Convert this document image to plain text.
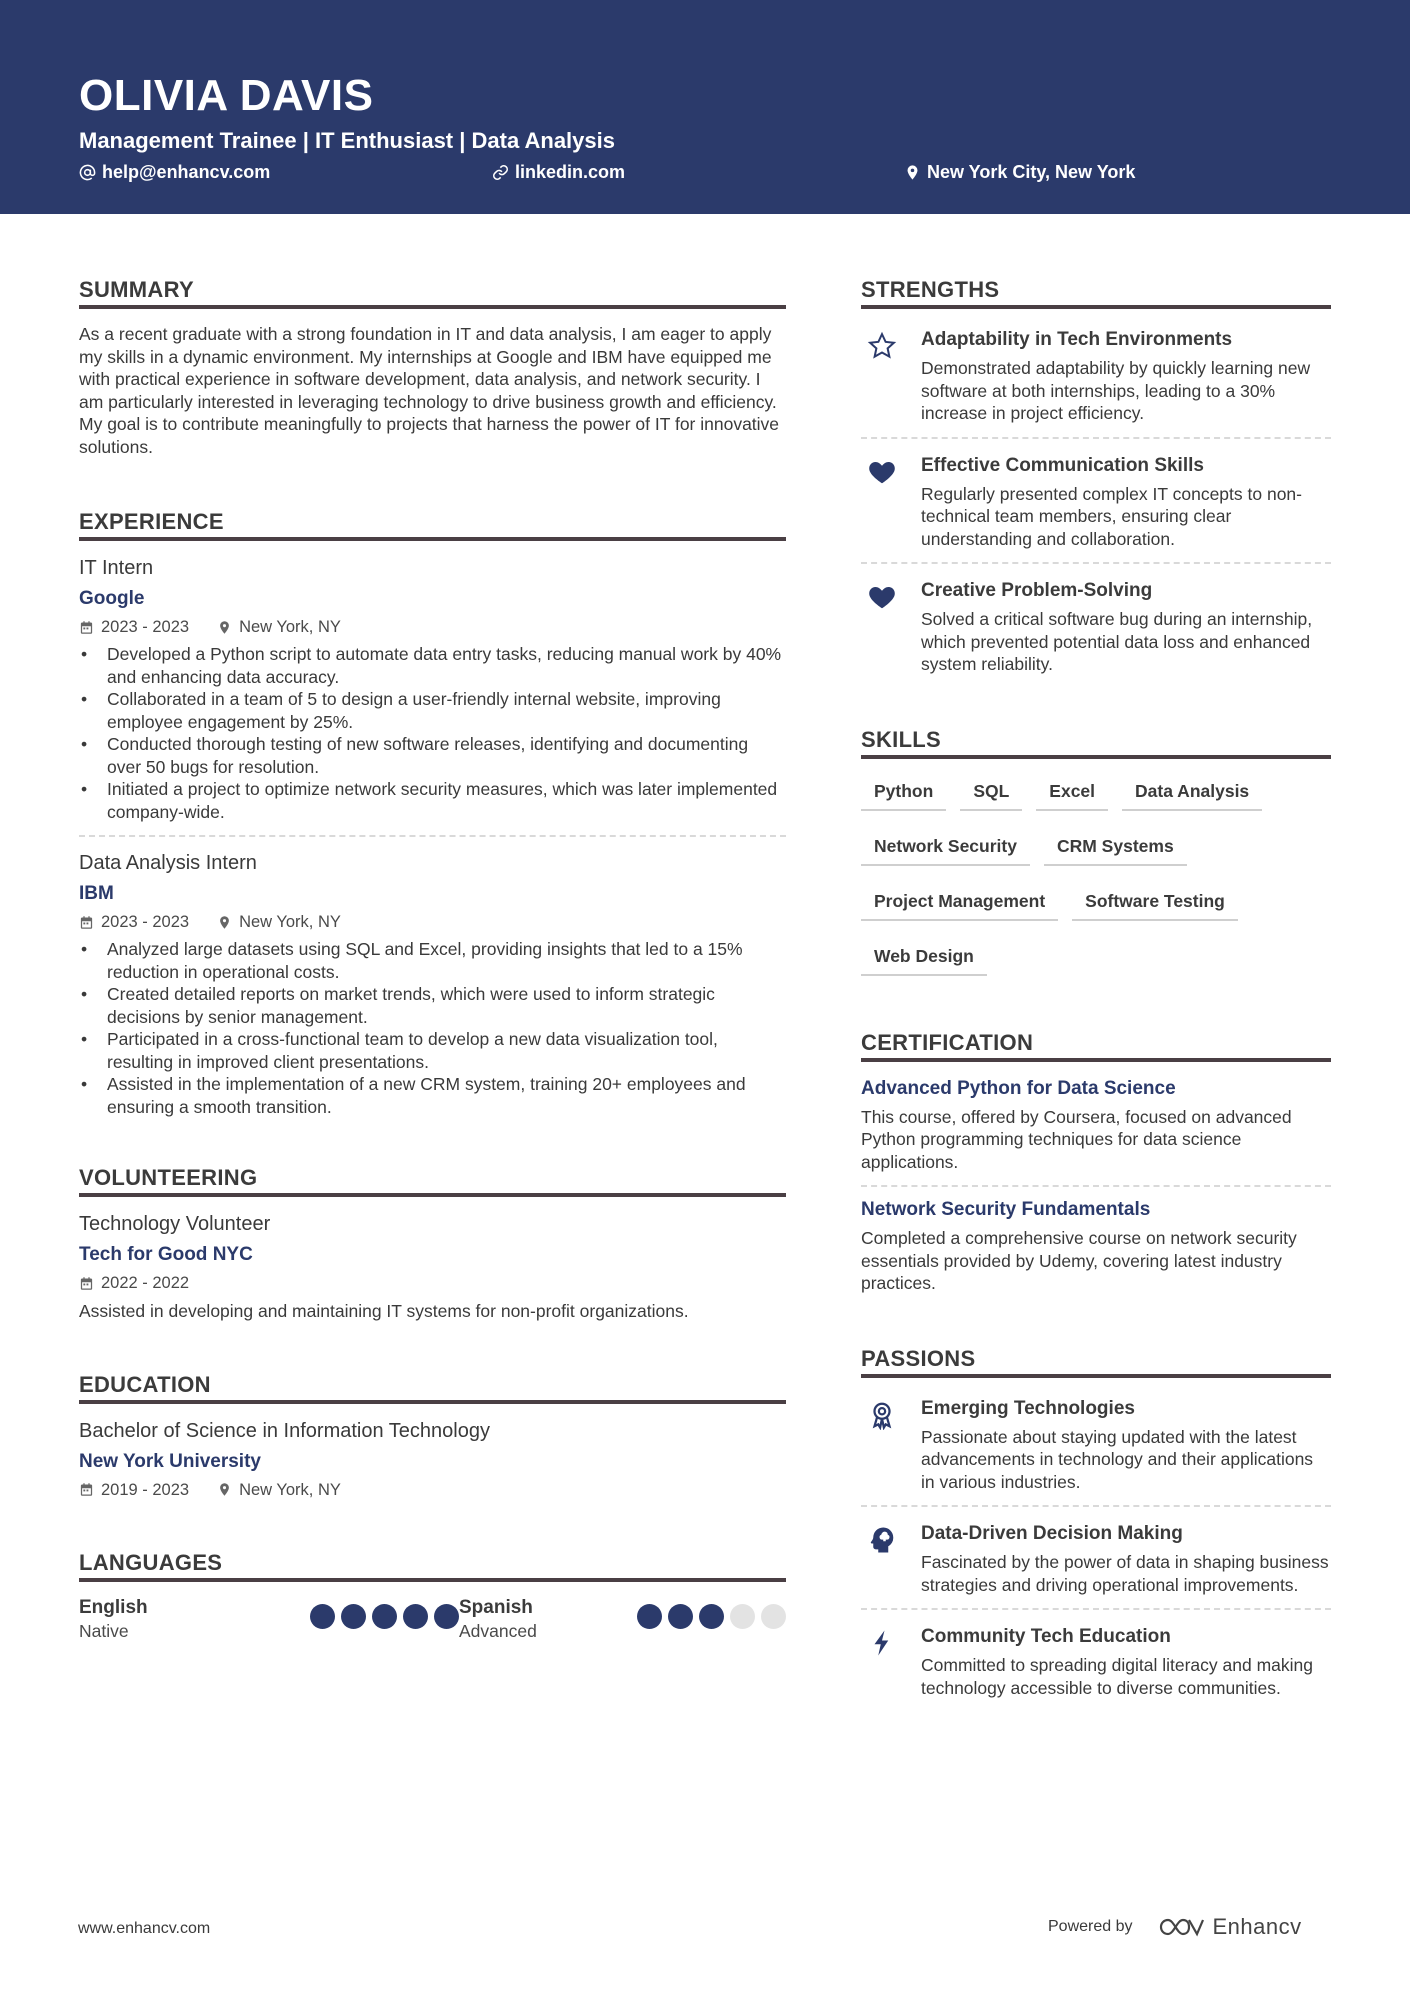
OLIVIA DAVIS
Management Trainee | IT Enthusiast | Data Analysis
help@enhancv.com	linkedin.com	New York City, New York
SUMMARY
As a recent graduate with a strong foundation in IT and data analysis, I am eager to apply my skills in a dynamic environment. My internships at Google and IBM have equipped me with practical experience in software development, data analysis, and network security. I am particularly interested in leveraging technology to drive business growth and efficiency. My goal is to contribute meaningfully to projects that harness the power of IT for innovative solutions.
EXPERIENCE
IT Intern
Google
2023 - 2023	New York, NY
• Developed a Python script to automate data entry tasks, reducing manual work by 40% and enhancing data accuracy.
• Collaborated in a team of 5 to design a user-friendly internal website, improving employee engagement by 25%.
• Conducted thorough testing of new software releases, identifying and documenting over 50 bugs for resolution.
• Initiated a project to optimize network security measures, which was later implemented company-wide.
Data Analysis Intern
IBM
2023 - 2023	New York, NY
• Analyzed large datasets using SQL and Excel, providing insights that led to a 15% reduction in operational costs.
• Created detailed reports on market trends, which were used to inform strategic decisions by senior management.
• Participated in a cross-functional team to develop a new data visualization tool, resulting in improved client presentations.
• Assisted in the implementation of a new CRM system, training 20+ employees and ensuring a smooth transition.
VOLUNTEERING
Technology Volunteer
Tech for Good NYC
2022 - 2022
Assisted in developing and maintaining IT systems for non-profit organizations.
EDUCATION
Bachelor of Science in Information Technology
New York University
2019 - 2023	New York, NY
LANGUAGES
English
Native
Spanish
Advanced
STRENGTHS
Adaptability in Tech Environments
Demonstrated adaptability by quickly learning new software at both internships, leading to a 30% increase in project efficiency.
Effective Communication Skills
Regularly presented complex IT concepts to non-technical team members, ensuring clear understanding and collaboration.
Creative Problem-Solving
Solved a critical software bug during an internship, which prevented potential data loss and enhanced system reliability.
SKILLS
Python	SQL	Excel	Data Analysis
Network Security	CRM Systems
Project Management	Software Testing
Web Design
CERTIFICATION
Advanced Python for Data Science
This course, offered by Coursera, focused on advanced Python programming techniques for data science applications.
Network Security Fundamentals
Completed a comprehensive course on network security essentials provided by Udemy, covering latest industry practices.
PASSIONS
Emerging Technologies
Passionate about staying updated with the latest advancements in technology and their applications in various industries.
Data-Driven Decision Making
Fascinated by the power of data in shaping business strategies and driving operational improvements.
Community Tech Education
Committed to spreading digital literacy and making technology accessible to diverse communities.
www.enhancv.com	Powered by	Enhancv
